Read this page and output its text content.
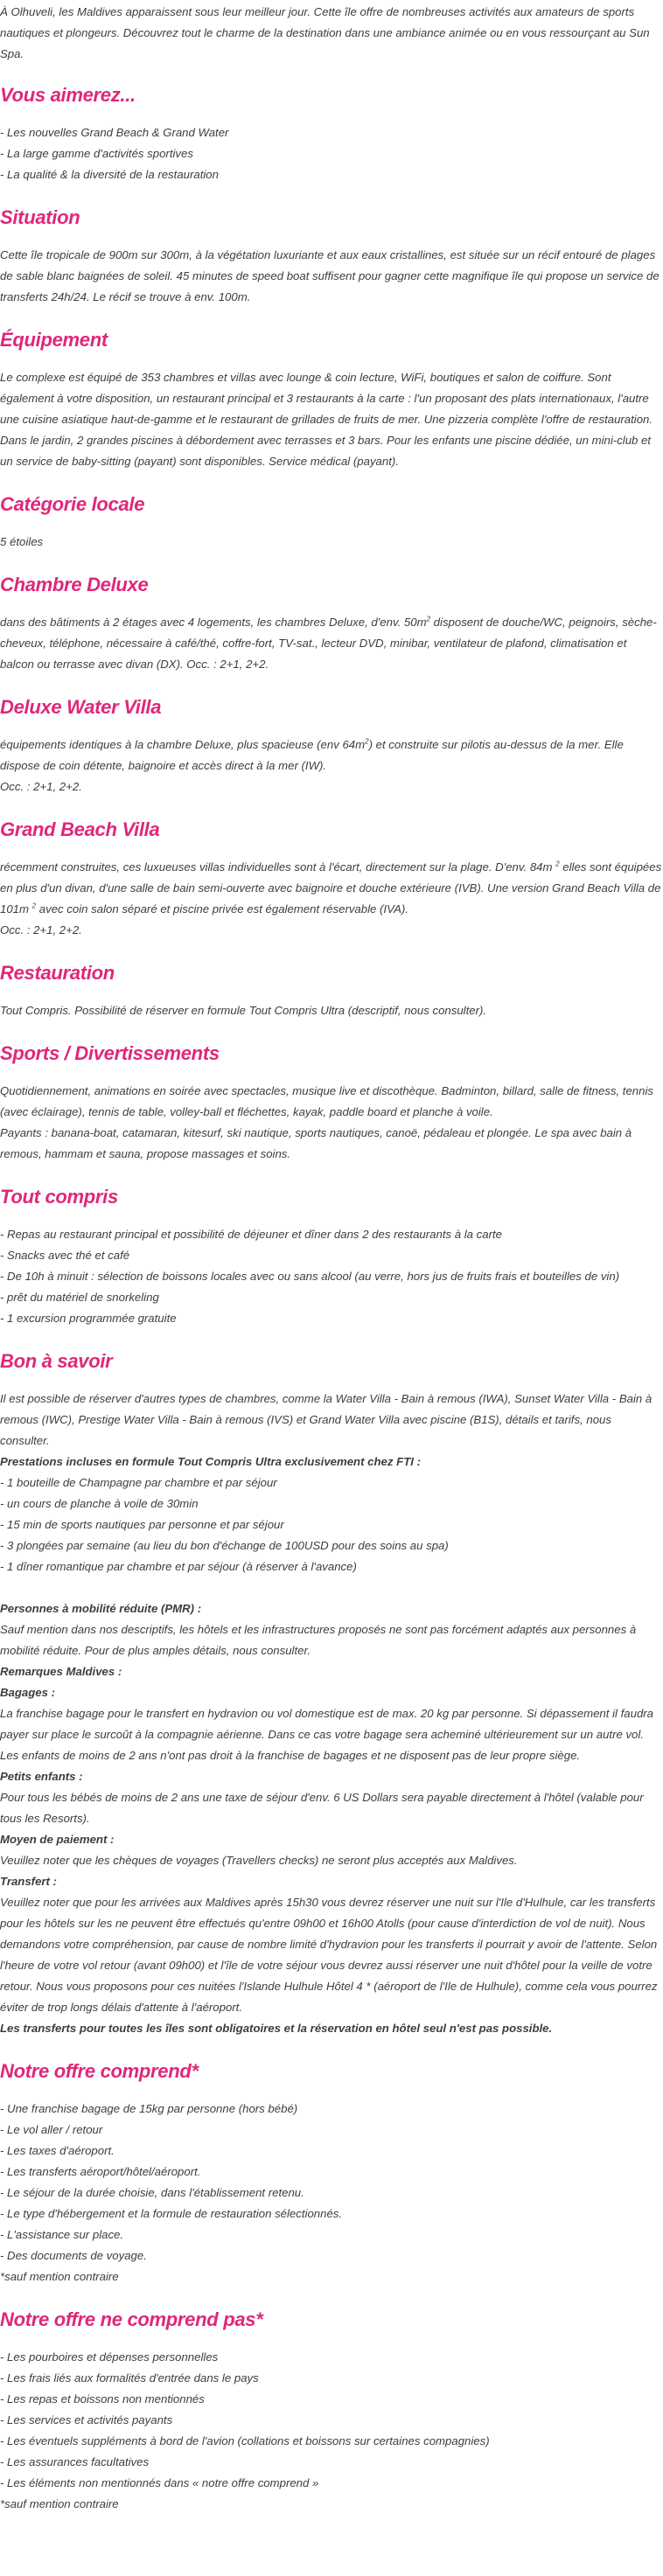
À Olhuveli, les Maldives apparaissent sous leur meilleur jour. Cette île offre de nombreuses activités aux amateurs de sports nautiques et plongeurs. Découvrez tout le charme de la destination dans une ambiance animée ou en vous ressourçant au Sun Spa.

Vous aimerez...
- Les nouvelles Grand Beach & Grand Water
- La large gamme d'activités sportives
- La qualité & la diversité de la restauration
Situation

Cette île tropicale de 900m sur 300m, à la végétation luxuriante et aux eaux cristallines, est située sur un récif entouré de plages de sable blanc baignées de soleil. 45 minutes de speed boat suffisent pour gagner cette magnifique île qui propose un service de transferts 24h/24. Le récif se trouve à env. 100m.

Équipement

Le complexe est équipé de 353 chambres et villas avec lounge & coin lecture, WiFi, boutiques et salon de coiffure. Sont également à votre disposition, un restaurant principal et 3 restaurants à la carte : l'un proposant des plats internationaux, l'autre une cuisine asiatique haut-de-gamme et le restaurant de grillades de fruits de mer. Une pizzeria complète l'offre de restauration. Dans le jardin, 2 grandes piscines à débordement avec terrasses et 3 bars. Pour les enfants une piscine dédiée, un mini-club et un service de baby-sitting (payant) sont disponibles. Service médical (payant).

Catégorie locale

5 étoiles

Chambre Deluxe

dans des bâtiments à 2 étages avec 4 logements, les chambres Deluxe, d'env. $50m^2$ disposent de douche/WC, peignoirs, sèche-cheveux, téléphone, nécessaire à café/thé, coffre-fort, TV-sat., lecteur DVD, minibar, ventilateur de plafond, climatisation et balcon ou terrasse avec divan (DX). Occ. : 2+1, 2+2.

Deluxe Water Villa

équipements identiques à la chambre Deluxe, plus spacieuse (env $64m^2$) et construite sur pilotis au-dessus de la mer. Elle dispose de coin détente, baignoire et accès direct à la mer (IW).

Occ. : 2+1, 2+2.
Grand Beach Villa

récemment construites, ces luxueuses villas individuelles sont à l'écart, directement sur la plage. D'env. 84m $^2$ elles sont équipées en plus d'un divan, d'une salle de bain semi-ouverte avec baignoire et douche extérieure (IVB). Une version Grand Beach Villa de 101m $^2$ avec coin salon séparé et piscine privée est également réservable (IVA).

Occ. : 2+1, 2+2.
Restauration

Tout Compris. Possibilité de réserver en formule Tout Compris Ultra (descriptif, nous consulter).

Sports / Divertissements

Quotidiennement, animations en soirée avec spectacles, musique live et discothèque. Badminton, billard, salle de fitness, tennis (avec éclairage), tennis de table, volley-ball et fléchettes, kayak, paddle board et planche à voile.

Payants : banana-boat, catamaran, kitesurf, ski nautique, sports nautiques, canoë, pédaleau et plongée. Le spa avec bain à remous, hammam et sauna, propose massages et soins.

Tout compris
- Repas au restaurant principal et possibilité de déjeuner et dîner dans 2 des restaurants à la carte
- Snacks avec thé et café
- De 10h à minuit : sélection de boissons locales avec ou sans alcool (au verre, hors jus de fruits frais et bouteilles de vin)
- prêt du matériel de snorkeling
- 1 excursion programmée gratuite
Bon à savoir

Il est possible de réserver d'autres types de chambres, comme la Water Villa - Bain à remous (IWA), Sunset Water Villa - Bain à remous (IWC), Prestige Water Villa - Bain à remous (IVS) et Grand Water Villa avec piscine (B1S), détails et tarifs, nous consulter.

Prestations incluses en formule Tout Compris Ultra exclusivement chez FTI :
- 1 bouteille de Champagne par chambre et par séjour
- un cours de planche à voile de 30min
- 15 min de sports nautiques par personne et par séjour
- 3 plongées par semaine (au lieu du bon d'échange de 100USD pour des soins au spa)
- 1 dîner romantique par chambre et par séjour (à réserver à l'avance)
Personnes à mobilité réduite (PMR) :

Sauf mention dans nos descriptifs, les hôtels et les infrastructures proposés ne sont pas forcément adaptés aux personnes à mobilité réduite. Pour de plus amples détails, nous consulter.

Remarques Maldives :
Bagages :

La franchise bagage pour le transfert en hydravion ou vol domestique est de max. 20 kg par personne. Si dépassement il faudra payer sur place le surcoût à la compagnie aérienne. Dans ce cas votre bagage sera acheminé ultérieurement sur un autre vol.

Les enfants de moins de 2 ans n'ont pas droit à la franchise de bagages et ne disposent pas de leur propre siège.

Petits enfants :

Pour tous les bébés de moins de 2 ans une taxe de séjour d'env. 6 US Dollars sera payable directement à l'hôtel (valable pour tous les Resorts).

Moyen de paiement :

Veuillez noter que les chèques de voyages (Travellers checks) ne seront plus acceptés aux Maldives.

Transfert :

Veuillez noter que pour les arrivées aux Maldives après 15h30 vous devrez réserver une nuit sur l'Ile d'Hulhule, car les transferts pour les hôtels sur les ne peuvent être effectués qu'entre 09h00 et 16h00 Atolls (pour cause d'interdiction de vol de nuit). Nous demandons votre compréhension, par cause de nombre limité d'hydravion pour les transferts il pourrait y avoir de l'attente. Selon l'heure de votre vol retour (avant 09h00) et l'île de votre séjour vous devrez aussi réserver une nuit d'hôtel pour la veille de votre retour. Nous vous proposons pour ces nuitées l'Islande Hulhule Hôtel 4 * (aéroport de l'Ile de Hulhule), comme cela vous pourrez éviter de trop longs délais d'attente à l'aéroport.

Les transferts pour toutes les îles sont obligatoires et la réservation en hôtel seul n'est pas possible.

Notre offre comprend*
- Une franchise bagage de 15kg par personne (hors bébé)
- Le vol aller / retour
- Les taxes d'aéroport.
- Les transferts aéroport/hôtel/aéroport.
- Le séjour de la durée choisie, dans l'établissement retenu.
- Le type d'hébergement et la formule de restauration sélectionnés.
- L'assistance sur place.
- Des documents de voyage.
*sauf mention contraire
Notre offre ne comprend pas*
- Les pourboires et dépenses personnelles
- Les frais liés aux formalités d'entrée dans le pays
- Les repas et boissons non mentionnés
- Les services et activités payants
- Les éventuels suppléments à bord de l'avion (collations et boissons sur certaines compagnies)
- Les assurances facultatives
- Les éléments non mentionnés dans « notre offre comprend »
*sauf mention contraire
